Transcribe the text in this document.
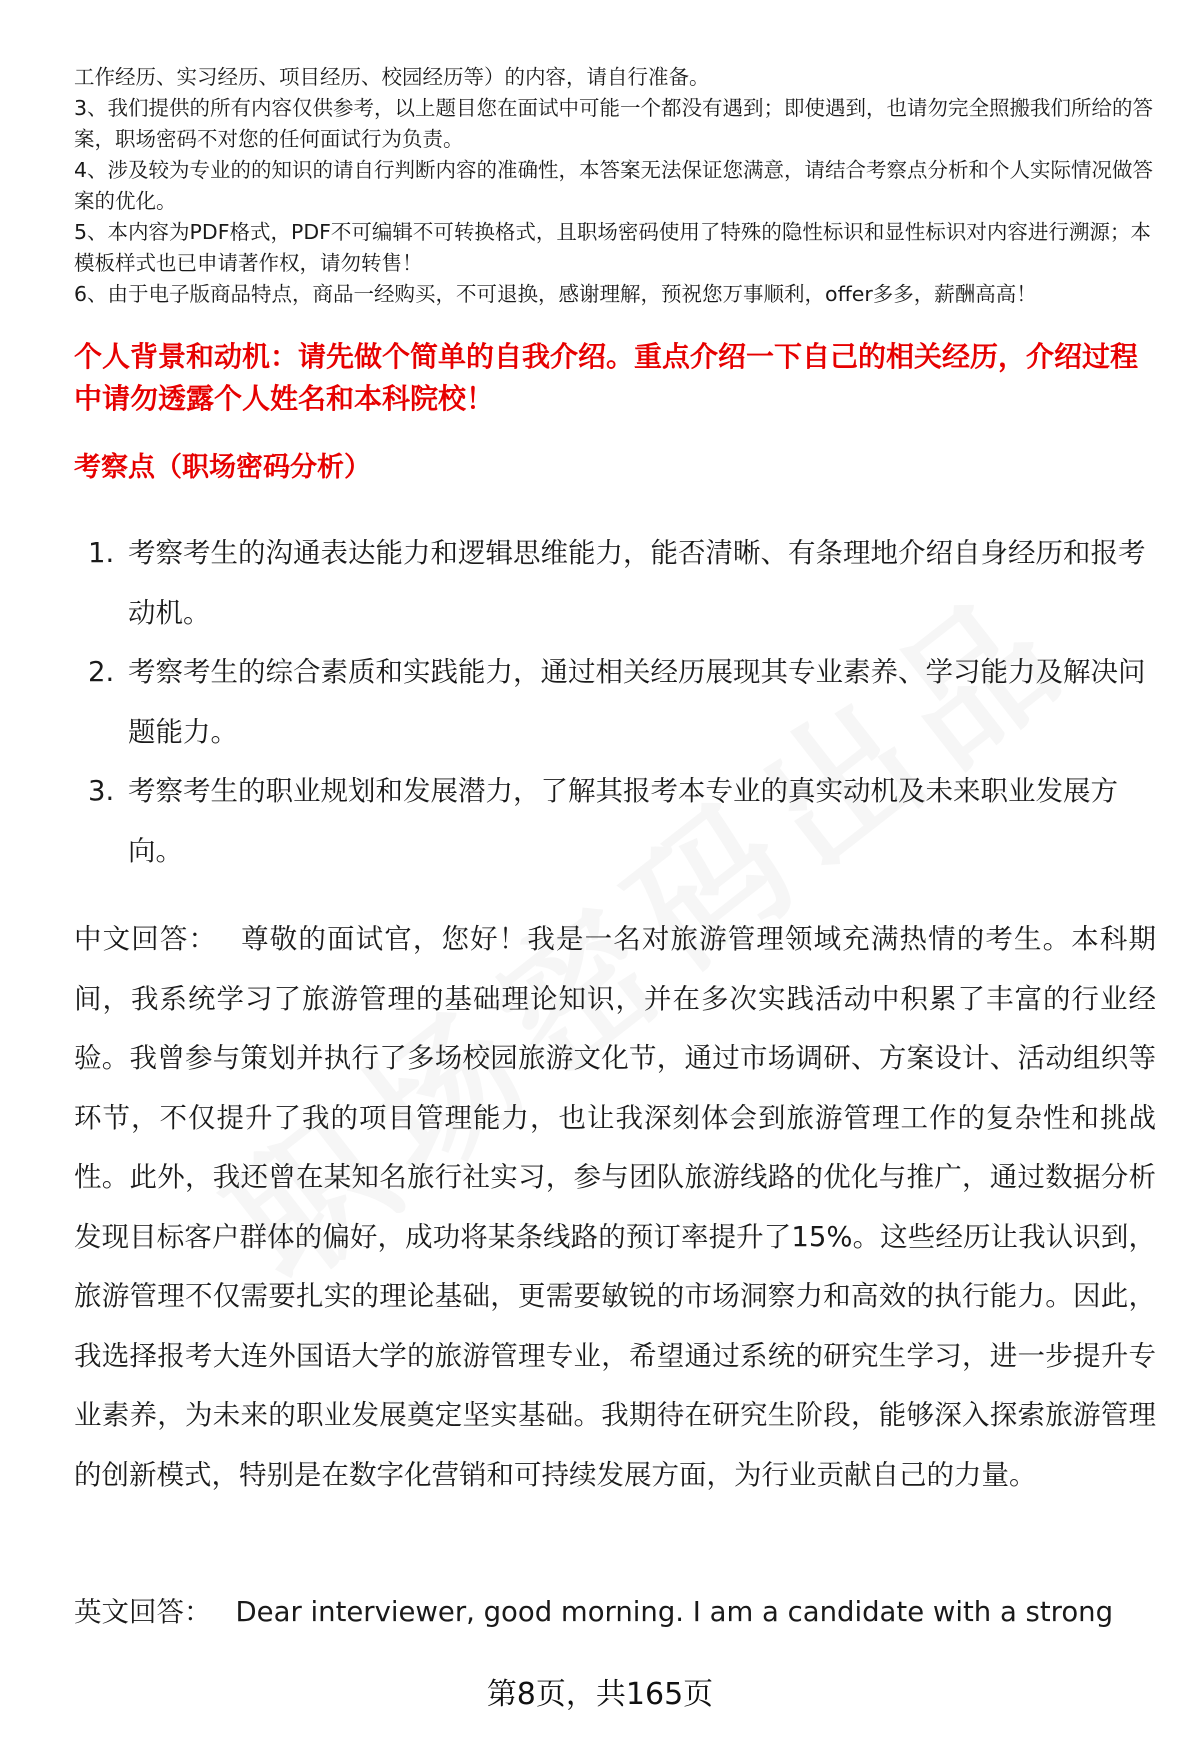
工作经历、实习经历、项目经历、校园经历等）的内容，请自行准备。

3、我们提供的所有内容仅供参考，以上题目您在面试中可能一个都没有遇到；即使遇到，也请勿完全照搬我们所给的答案，职场密码不对您的任何面试行为负责。

4、涉及较为专业的的知识的请自行判断内容的准确性，本答案无法保证您满意，请结合考察点分析和个人实际情况做答案的优化。

5、本内容为PDF格式，PDF不可编辑不可转换格式，且职场密码使用了特殊的隐性标识和显性标识对内容进行溯源；本模板样式也已申请著作权，请勿转售！

6、由于电子版商品特点，商品一经购买，不可退换，感谢理解，预祝您万事顺利，offer多多，薪酬高高！

个人背景和动机：请先做个简单的自我介绍。重点介绍一下自己的相关经历，介绍过程中请勿透露个人姓名和本科院校！
考察点（职场密码分析）
1. 考察考生的沟通表达能力和逻辑思维能力，能否清晰、有条理地介绍自身经历和报考动机。
2. 考察考生的综合素质和实践能力，通过相关经历展现其专业素养、学习能力及解决问题能力。
3. 考察考生的职业规划和发展潜力，了解其报考本专业的真实动机及未来职业发展方向。

中文回答： 尊敬的面试官，您好！我是一名对旅游管理领域充满热情的考生。本科期间，我系统学习了旅游管理的基础理论知识，并在多次实践活动中积累了丰富的行业经验。我曾参与策划并执行了多场校园旅游文化节，通过市场调研、方案设计、活动组织等环节，不仅提升了我的项目管理能力，也让我深刻体会到旅游管理工作的复杂性和挑战性。此外，我还曾在某知名旅行社实习，参与团队旅游线路的优化与推广，通过数据分析发现目标客户群体的偏好，成功将某条线路的预订率提升了15%。这些经历让我认识到，旅游管理不仅需要扎实的理论基础，更需要敏锐的市场洞察力和高效的执行能力。因此，我选择报考大连外国语大学的旅游管理专业，希望通过系统的研究生学习，进一步提升专业素养，为未来的职业发展奠定坚实基础。我期待在研究生阶段，能够深入探索旅游管理的创新模式，特别是在数字化营销和可持续发展方面，为行业贡献自己的力量。

英文回答： Dear interviewer, good morning. I am a candidate with a strong

第8页，共165页
